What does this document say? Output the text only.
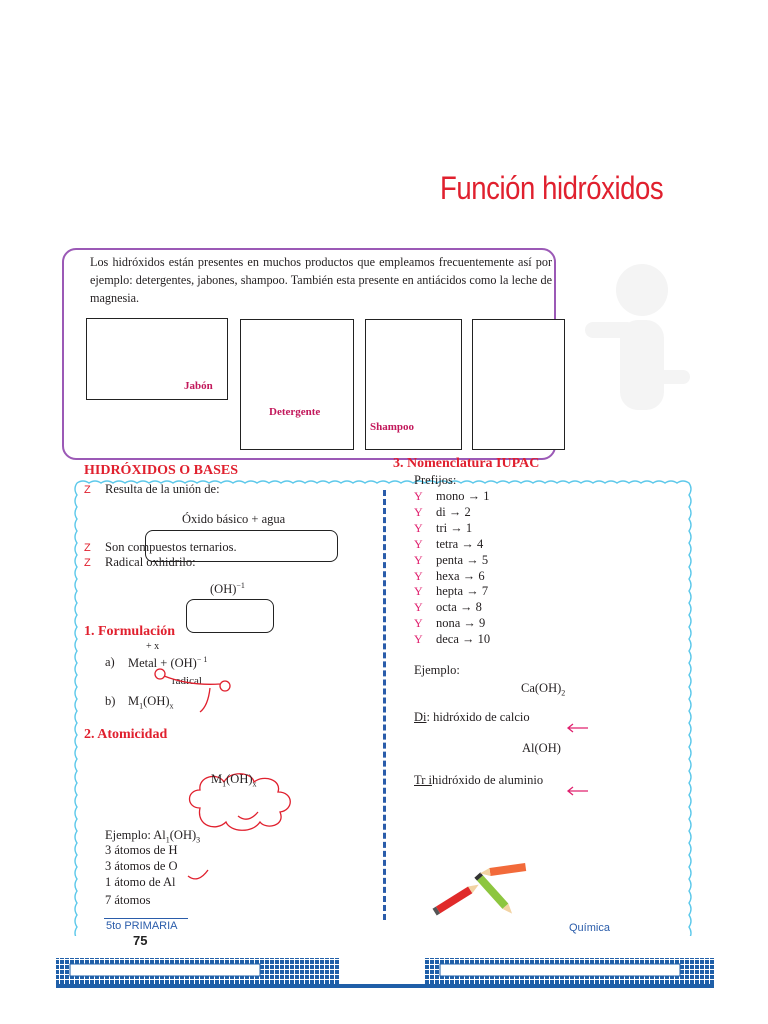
Función hidróxidos
Los hidróxidos están presentes en muchos productos que empleamos frecuentemente así por ejemplo: detergentes, jabones, shampoo. También esta presente en antiácidos como la leche de magnesia.
Jabón
Detergente
Shampoo
HIDRÓXIDOS O BASES
Z Resulta de la unión de:
Óxido básico + agua
Z Son compuestos ternarios.
Z Radical oxhidrilo:
(OH)$^{-1}$
1. Formulación
+ x
a) Metal + (OH)$^{- 1}$
radical
b) $M_1(OH)_x$
2. Atomicidad
$M_1(OH)_x$
Ejemplo: $Al_1(OH)_3$
3 átomos de H
3 átomos de O
1 átomo de Al
7 átomos
3. Nomenclatura IUPAC
Prefijos:
Y mono → 1
Y di → 2
Y tri → 1
Y tetra → 4
Y penta → 5
Y hexa → 6
Y hepta → 7
Y octa → 8
Y nona → 9
Y deca → 10
Ejemplo:
$Ca(OH)_2$
Di: hidróxido de calcio
Al(OH)
Tr ihidróxido de aluminio
5to PRIMARIA
75
Química
